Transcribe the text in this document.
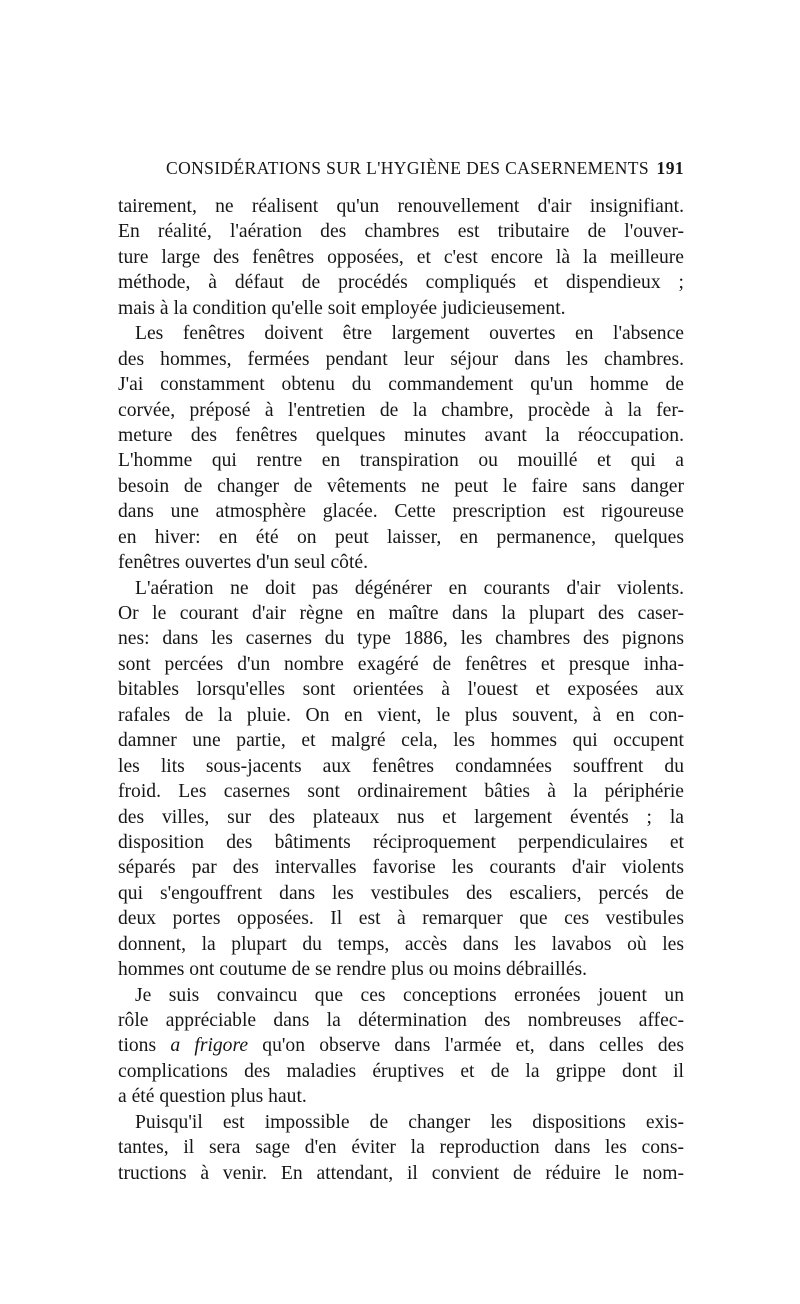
CONSIDÉRATIONS SUR L'HYGIÈNE DES CASERNEMENTS 191

tairement, ne réalisent qu'un renouvellement d'air insignifiant.
En réalité, l'aération des chambres est tributaire de l'ouver-
ture large des fenêtres opposées, et c'est encore là la meilleure
méthode, à défaut de procédés compliqués et dispendieux ;
mais à la condition qu'elle soit employée judicieusement.

Les fenêtres doivent être largement ouvertes en l'absence
des hommes, fermées pendant leur séjour dans les chambres.
J'ai constamment obtenu du commandement qu'un homme de
corvée, préposé à l'entretien de la chambre, procède à la fer-
meture des fenêtres quelques minutes avant la réoccupation.
L'homme qui rentre en transpiration ou mouillé et qui a
besoin de changer de vêtements ne peut le faire sans danger
dans une atmosphère glacée. Cette prescription est rigoureuse
en hiver: en été on peut laisser, en permanence, quelques
fenêtres ouvertes d'un seul côté.

L'aération ne doit pas dégénérer en courants d'air violents.
Or le courant d'air règne en maître dans la plupart des caser-
nes: dans les casernes du type 1886, les chambres des pignons
sont percées d'un nombre exagéré de fenêtres et presque inha-
bitables lorsqu'elles sont orientées à l'ouest et exposées aux
rafales de la pluie. On en vient, le plus souvent, à en con-
damner une partie, et malgré cela, les hommes qui occupent
les lits sous-jacents aux fenêtres condamnées souffrent du
froid. Les casernes sont ordinairement bâties à la périphérie
des villes, sur des plateaux nus et largement éventés ; la
disposition des bâtiments réciproquement perpendiculaires et
séparés par des intervalles favorise les courants d'air violents
qui s'engouffrent dans les vestibules des escaliers, percés de
deux portes opposées. Il est à remarquer que ces vestibules
donnent, la plupart du temps, accès dans les lavabos où les
hommes ont coutume de se rendre plus ou moins débraillés.

Je suis convaincu que ces conceptions erronées jouent un
rôle appréciable dans la détermination des nombreuses affec-
tions a frigore qu'on observe dans l'armée et, dans celles des
complications des maladies éruptives et de la grippe dont il
a été question plus haut.

Puisqu'il est impossible de changer les dispositions exis-
tantes, il sera sage d'en éviter la reproduction dans les cons-
tructions à venir. En attendant, il convient de réduire le nom-
